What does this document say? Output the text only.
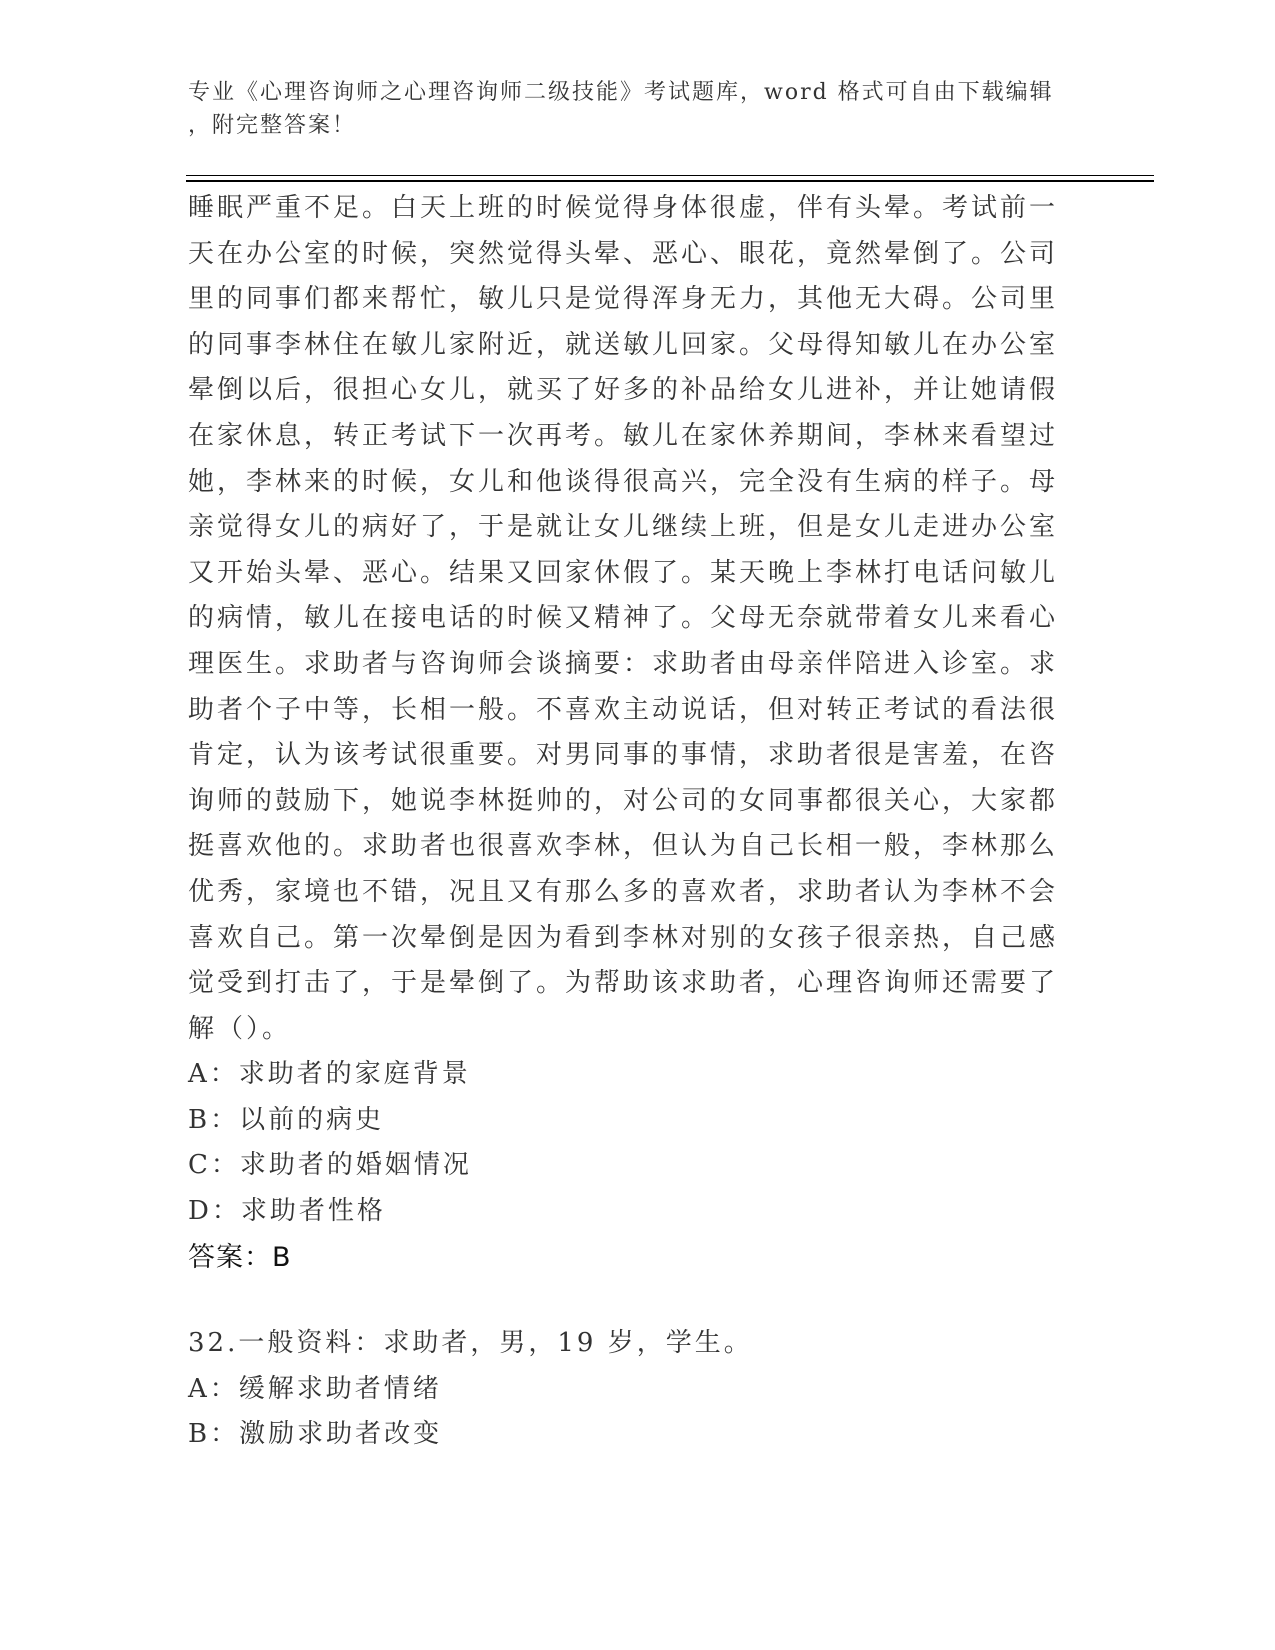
专业《心理咨询师之心理咨询师二级技能》考试题库，word 格式可自由下载编辑
，附完整答案！
睡眠严重不足。白天上班的时候觉得身体很虚，伴有头晕。考试前一
天在办公室的时候，突然觉得头晕、恶心、眼花，竟然晕倒了。公司
里的同事们都来帮忙，敏儿只是觉得浑身无力，其他无大碍。公司里
的同事李林住在敏儿家附近，就送敏儿回家。父母得知敏儿在办公室
晕倒以后，很担心女儿，就买了好多的补品给女儿进补，并让她请假
在家休息，转正考试下一次再考。敏儿在家休养期间，李林来看望过
她，李林来的时候，女儿和他谈得很高兴，完全没有生病的样子。母
亲觉得女儿的病好了，于是就让女儿继续上班，但是女儿走进办公室
又开始头晕、恶心。结果又回家休假了。某天晚上李林打电话问敏儿
的病情，敏儿在接电话的时候又精神了。父母无奈就带着女儿来看心
理医生。求助者与咨询师会谈摘要：求助者由母亲伴陪进入诊室。求
助者个子中等，长相一般。不喜欢主动说话，但对转正考试的看法很
肯定，认为该考试很重要。对男同事的事情，求助者很是害羞，在咨
询师的鼓励下，她说李林挺帅的，对公司的女同事都很关心，大家都
挺喜欢他的。求助者也很喜欢李林，但认为自己长相一般，李林那么
优秀，家境也不错，况且又有那么多的喜欢者，求助者认为李林不会
喜欢自己。第一次晕倒是因为看到李林对别的女孩子很亲热，自己感
觉受到打击了，于是晕倒了。为帮助该求助者，心理咨询师还需要了
解（）。
A：求助者的家庭背景
B：以前的病史
C：求助者的婚姻情况
D：求助者性格
答案：B
32.一般资料：求助者，男，19 岁，学生。
A：缓解求助者情绪
B：激励求助者改变
